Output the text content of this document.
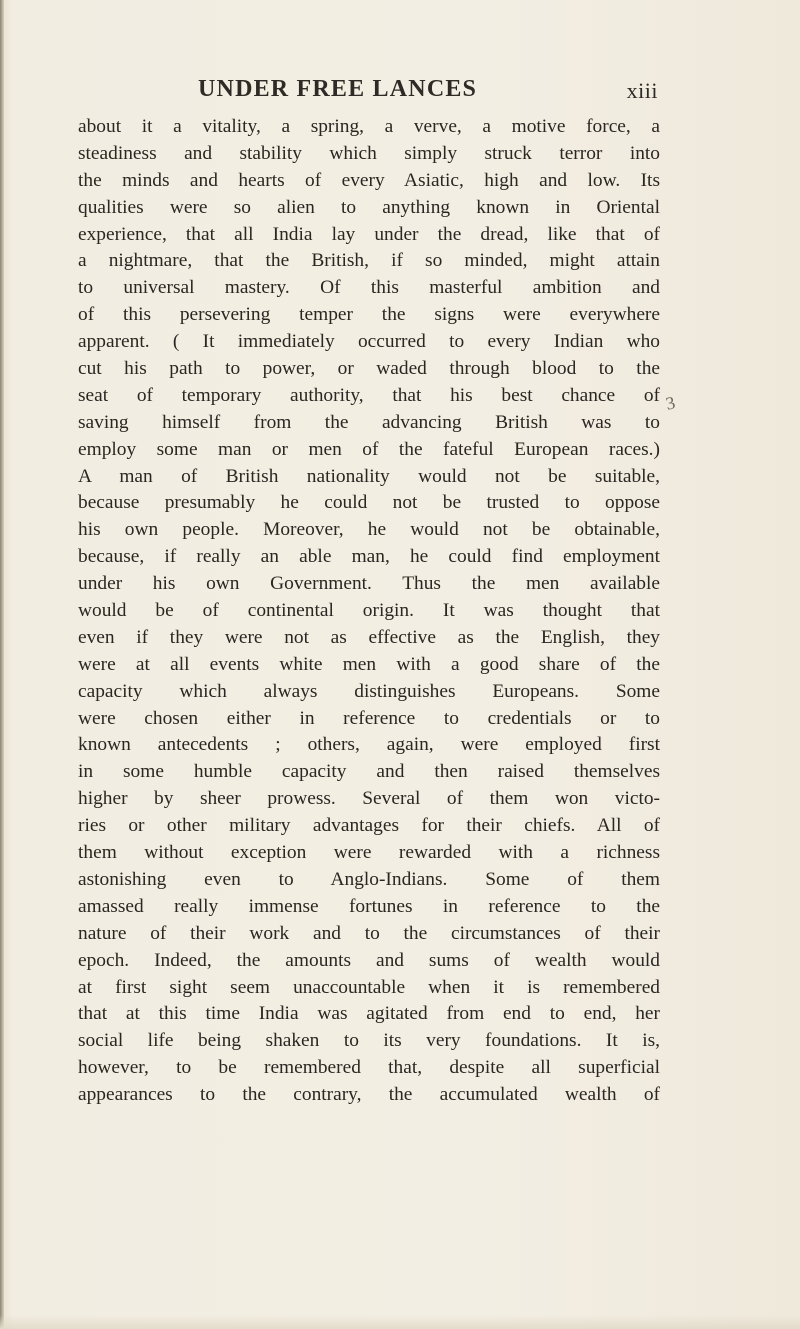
UNDER FREE LANCES	xiii
3
about it a vitality, a spring, a verve, a motive force, a
steadiness and stability which simply struck terror into
the minds and hearts of every Asiatic, high and low. Its
qualities were so alien to anything known in Oriental
experience, that all India lay under the dread, like that of
a nightmare, that the British, if so minded, might attain
to universal mastery. Of this masterful ambition and
of this persevering temper the signs were everywhere
apparent. ( It immediately occurred to every Indian who
cut his path to power, or waded through blood to the
seat of temporary authority, that his best chance of
saving himself from the advancing British was to
employ some man or men of the fateful European races.)
A man of British nationality would not be suitable,
because presumably he could not be trusted to oppose
his own people. Moreover, he would not be obtainable,
because, if really an able man, he could find employment
under his own Government. Thus the men available
would be of continental origin. It was thought that
even if they were not as effective as the English, they
were at all events white men with a good share of the
capacity which always distinguishes Europeans. Some
were chosen either in reference to credentials or to
known antecedents ; others, again, were employed first
in some humble capacity and then raised themselves
higher by sheer prowess. Several of them won victo-
ries or other military advantages for their chiefs. All of
them without exception were rewarded with a richness
astonishing even to Anglo-Indians. Some of them
amassed really immense fortunes in reference to the
nature of their work and to the circumstances of their
epoch. Indeed, the amounts and sums of wealth would
at first sight seem unaccountable when it is remembered
that at this time India was agitated from end to end, her
social life being shaken to its very foundations. It is,
however, to be remembered that, despite all superficial
appearances to the contrary, the accumulated wealth of
